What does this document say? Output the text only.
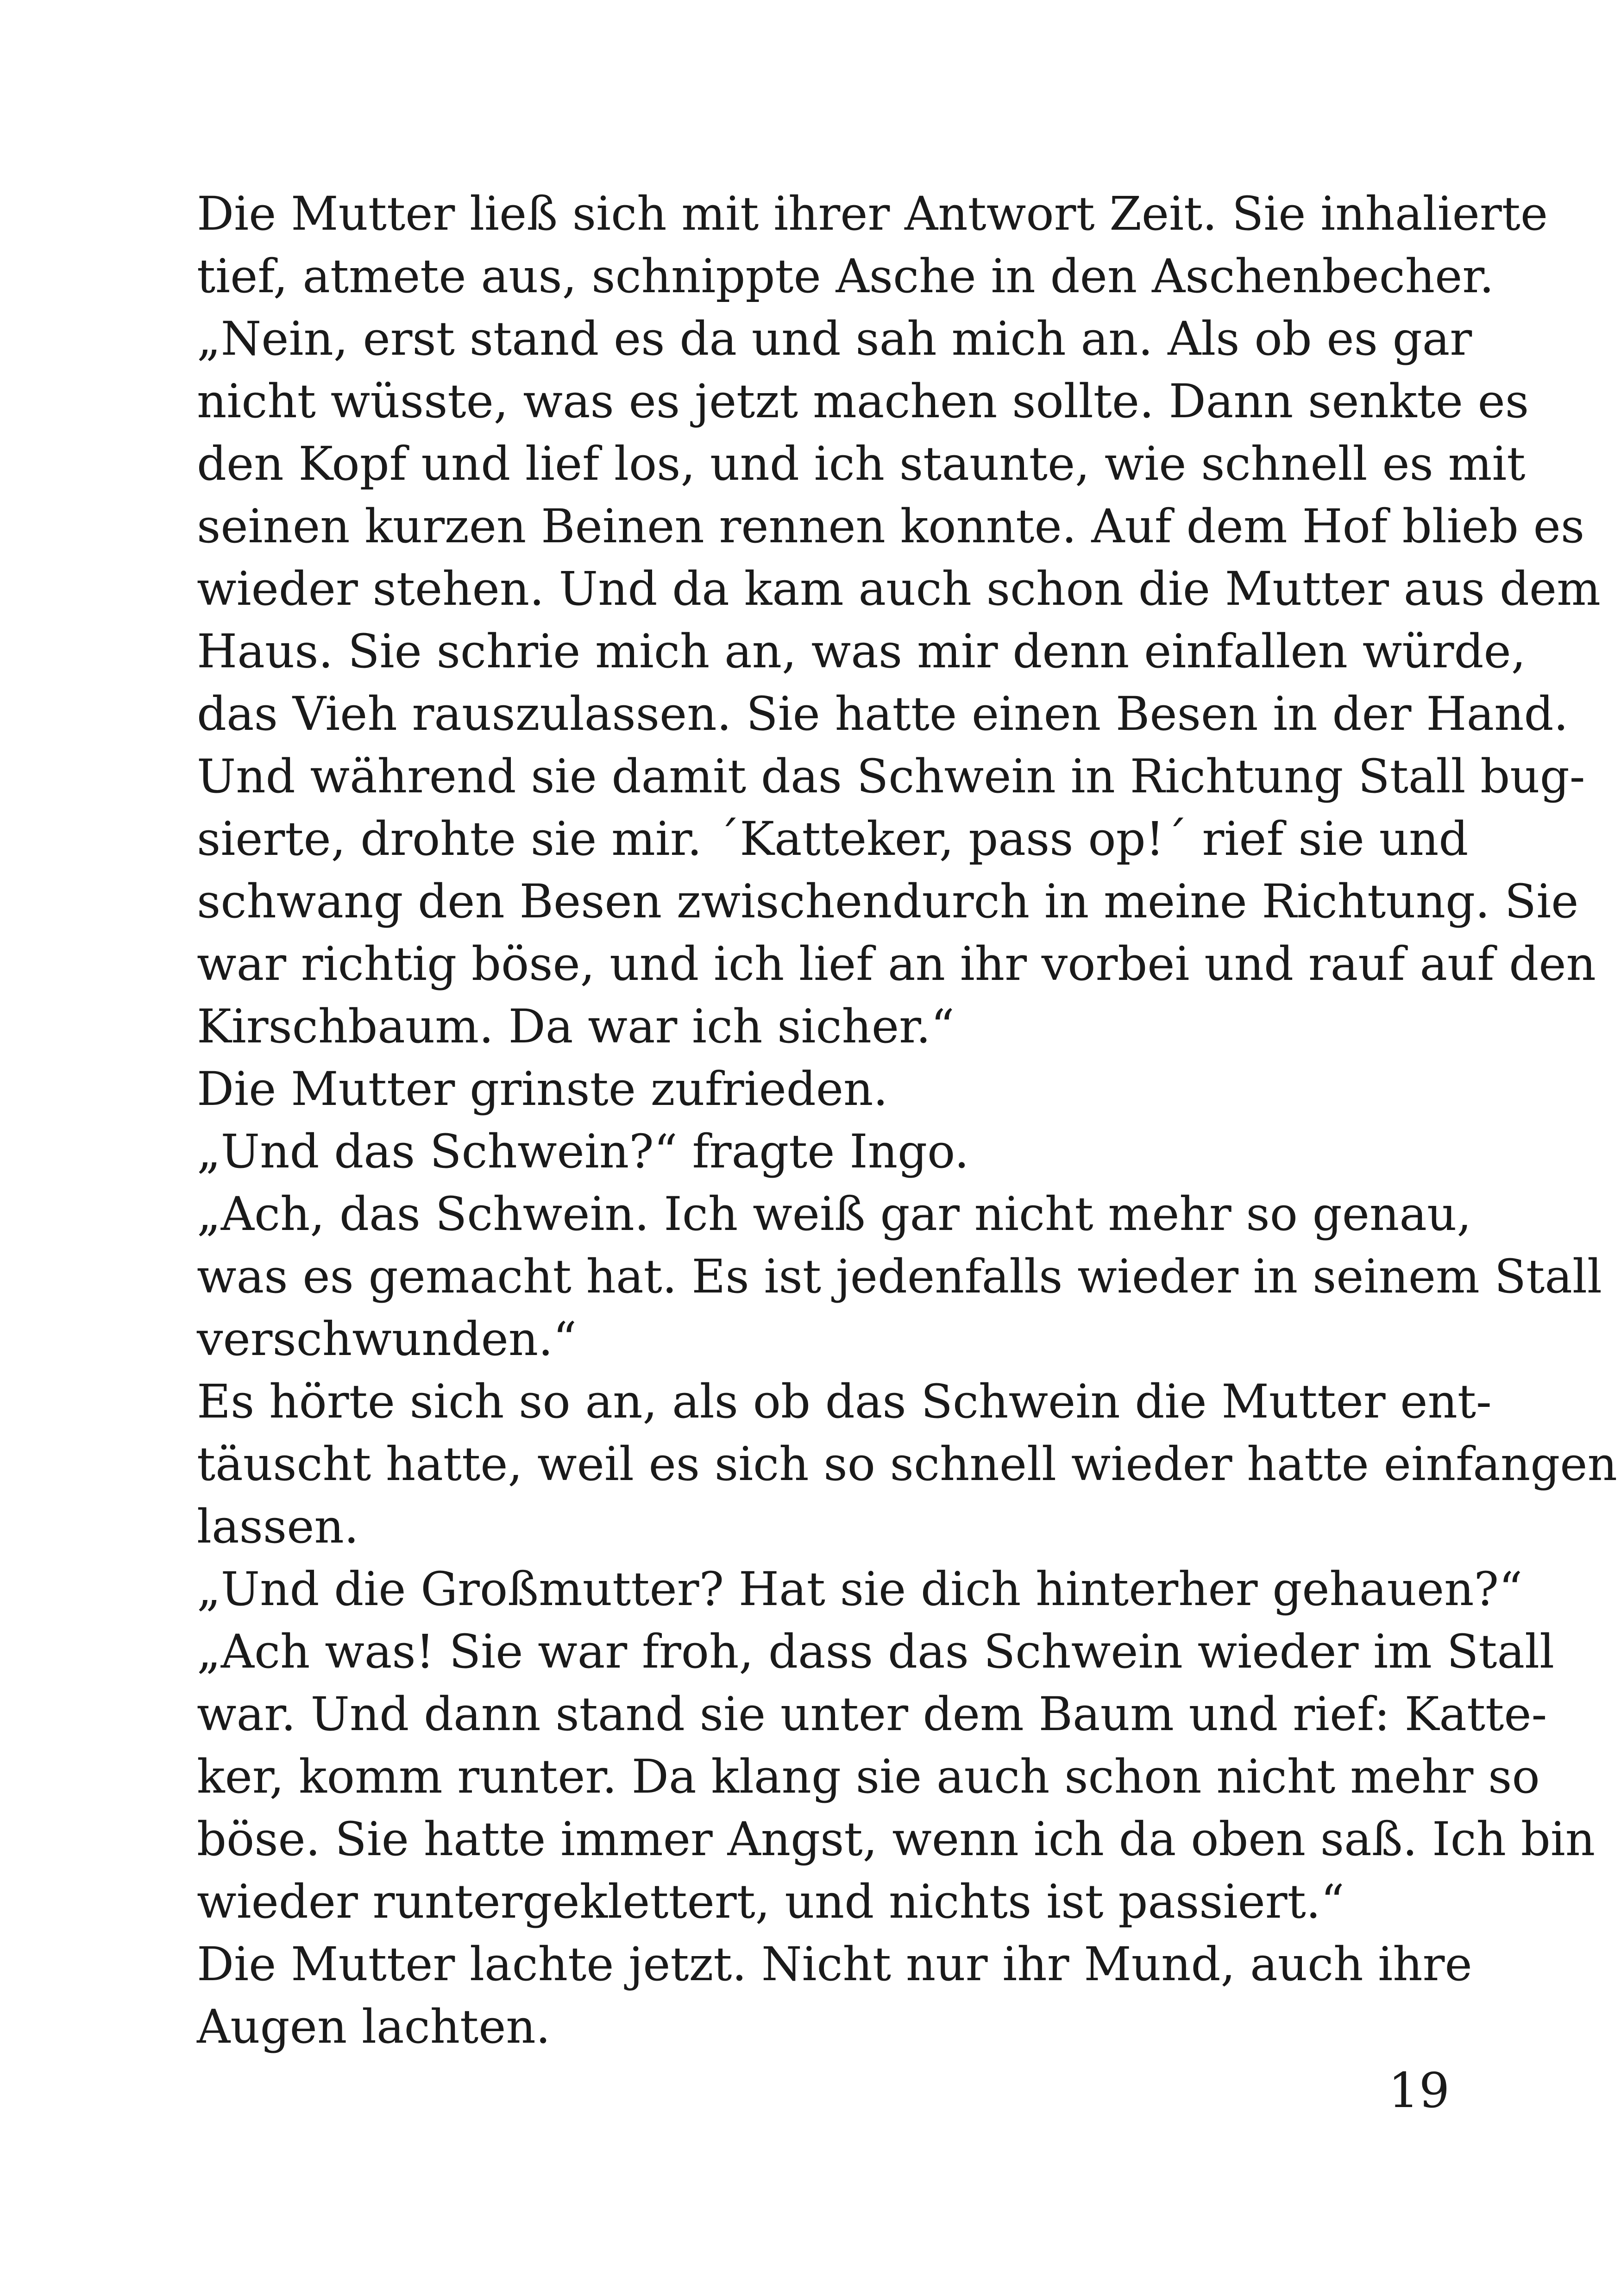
Die Mutter ließ sich mit ihrer Antwort Zeit. Sie inhalierte
tief, atmete aus, schnippte Asche in den Aschenbecher.
„Nein, erst stand es da und sah mich an. Als ob es gar
nicht wüsste, was es jetzt machen sollte. Dann senkte es
den Kopf und lief los, und ich staunte, wie schnell es mit
seinen kurzen Beinen rennen konnte. Auf dem Hof blieb es
wieder stehen. Und da kam auch schon die Mutter aus dem
Haus. Sie schrie mich an, was mir denn einfallen würde,
das Vieh rauszulassen. Sie hatte einen Besen in der Hand.
Und während sie damit das Schwein in Richtung Stall bug-
sierte, drohte sie mir. ´Katteker, pass op!´ rief sie und
schwang den Besen zwischendurch in meine Richtung. Sie
war richtig böse, und ich lief an ihr vorbei und rauf auf den
Kirschbaum. Da war ich sicher.“
Die Mutter grinste zufrieden.
„Und das Schwein?“ fragte Ingo.
„Ach, das Schwein. Ich weiß gar nicht mehr so genau,
was es gemacht hat. Es ist jedenfalls wieder in seinem Stall
verschwunden.“
Es hörte sich so an, als ob das Schwein die Mutter ent-
täuscht hatte, weil es sich so schnell wieder hatte einfangen
lassen.
„Und die Großmutter? Hat sie dich hinterher gehauen?“
„Ach was! Sie war froh, dass das Schwein wieder im Stall
war. Und dann stand sie unter dem Baum und rief: Katte-
ker, komm runter. Da klang sie auch schon nicht mehr so
böse. Sie hatte immer Angst, wenn ich da oben saß. Ich bin
wieder runtergeklettert, und nichts ist passiert.“
Die Mutter lachte jetzt. Nicht nur ihr Mund, auch ihre
Augen lachten.
19
